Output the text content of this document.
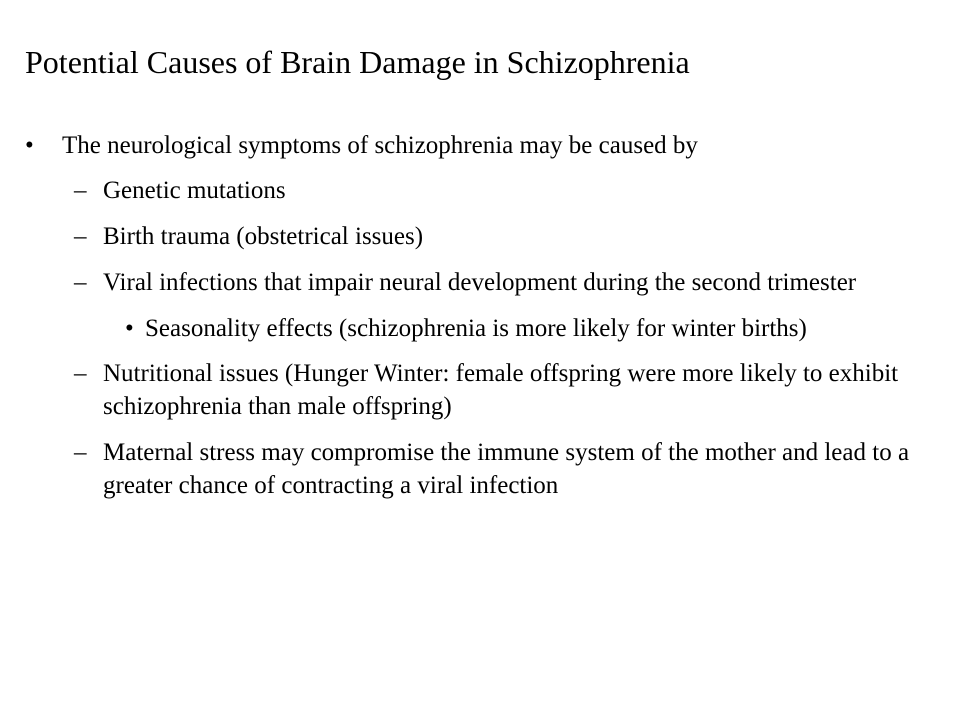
Potential Causes of Brain Damage in Schizophrenia
•	The neurological symptoms of schizophrenia may be caused by
– Genetic mutations
– Birth trauma (obstetrical issues)
– Viral infections that impair neural development during the second trimester
• Seasonality effects (schizophrenia is more likely for winter births)
– Nutritional issues (Hunger Winter: female offspring were more likely to exhibit schizophrenia than male offspring)
– Maternal stress may compromise the immune system of the mother and lead to a greater chance of contracting a viral infection
